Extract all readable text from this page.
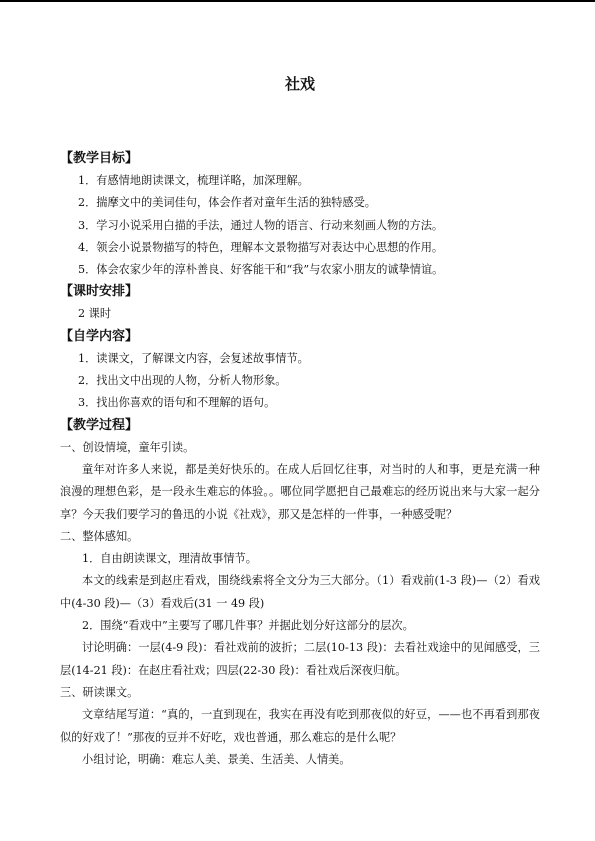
社戏
【教学目标】
1．有感情地朗读课文，梳理详略，加深理解。
2．揣摩文中的美词佳句，体会作者对童年生活的独特感受。
3．学习小说采用白描的手法，通过人物的语言、行动来刻画人物的方法。
4．领会小说景物描写的特色，理解本文景物描写对表达中心思想的作用。
5．体会农家少年的淳朴善良、好客能干和“我”与农家小朋友的诚挚情谊。
【课时安排】
2 课时
【自学内容】
1．读课文，了解课文内容，会复述故事情节。
2．找出文中出现的人物，分析人物形象。
3．找出你喜欢的语句和不理解的语句。
【教学过程】
一、创设情境，童年引读。
童年对许多人来说，都是美好快乐的。在成人后回忆往事，对当时的人和事，更是充满一种浪漫的理想色彩，是一段永生难忘的体验。。哪位同学愿把自己最难忘的经历说出来与大家一起分享？今天我们要学习的鲁迅的小说《社戏》，那又是怎样的一件事，一种感受呢？
二、整体感知。
1．自由朗读课文，理清故事情节。
本文的线索是到赵庄看戏，围绕线索将全文分为三大部分。（1）看戏前(1-3 段)—（2）看戏中(4-30 段)—（3）看戏后(31 一 49 段)
2．围绕“看戏中”主要写了哪几件事？并据此划分好这部分的层次。
讨论明确：一层(4-9 段)：看社戏前的波折；二层(10-13 段)：去看社戏途中的见闻感受，三层(14-21 段)：在赵庄看社戏；四层(22-30 段)：看社戏后深夜归航。
三、研读课文。
文章结尾写道：“真的，一直到现在，我实在再没有吃到那夜似的好豆，——也不再看到那夜似的好戏了！”那夜的豆并不好吃，戏也普通，那么难忘的是什么呢？
小组讨论，明确：难忘人美、景美、生活美、人情美。
